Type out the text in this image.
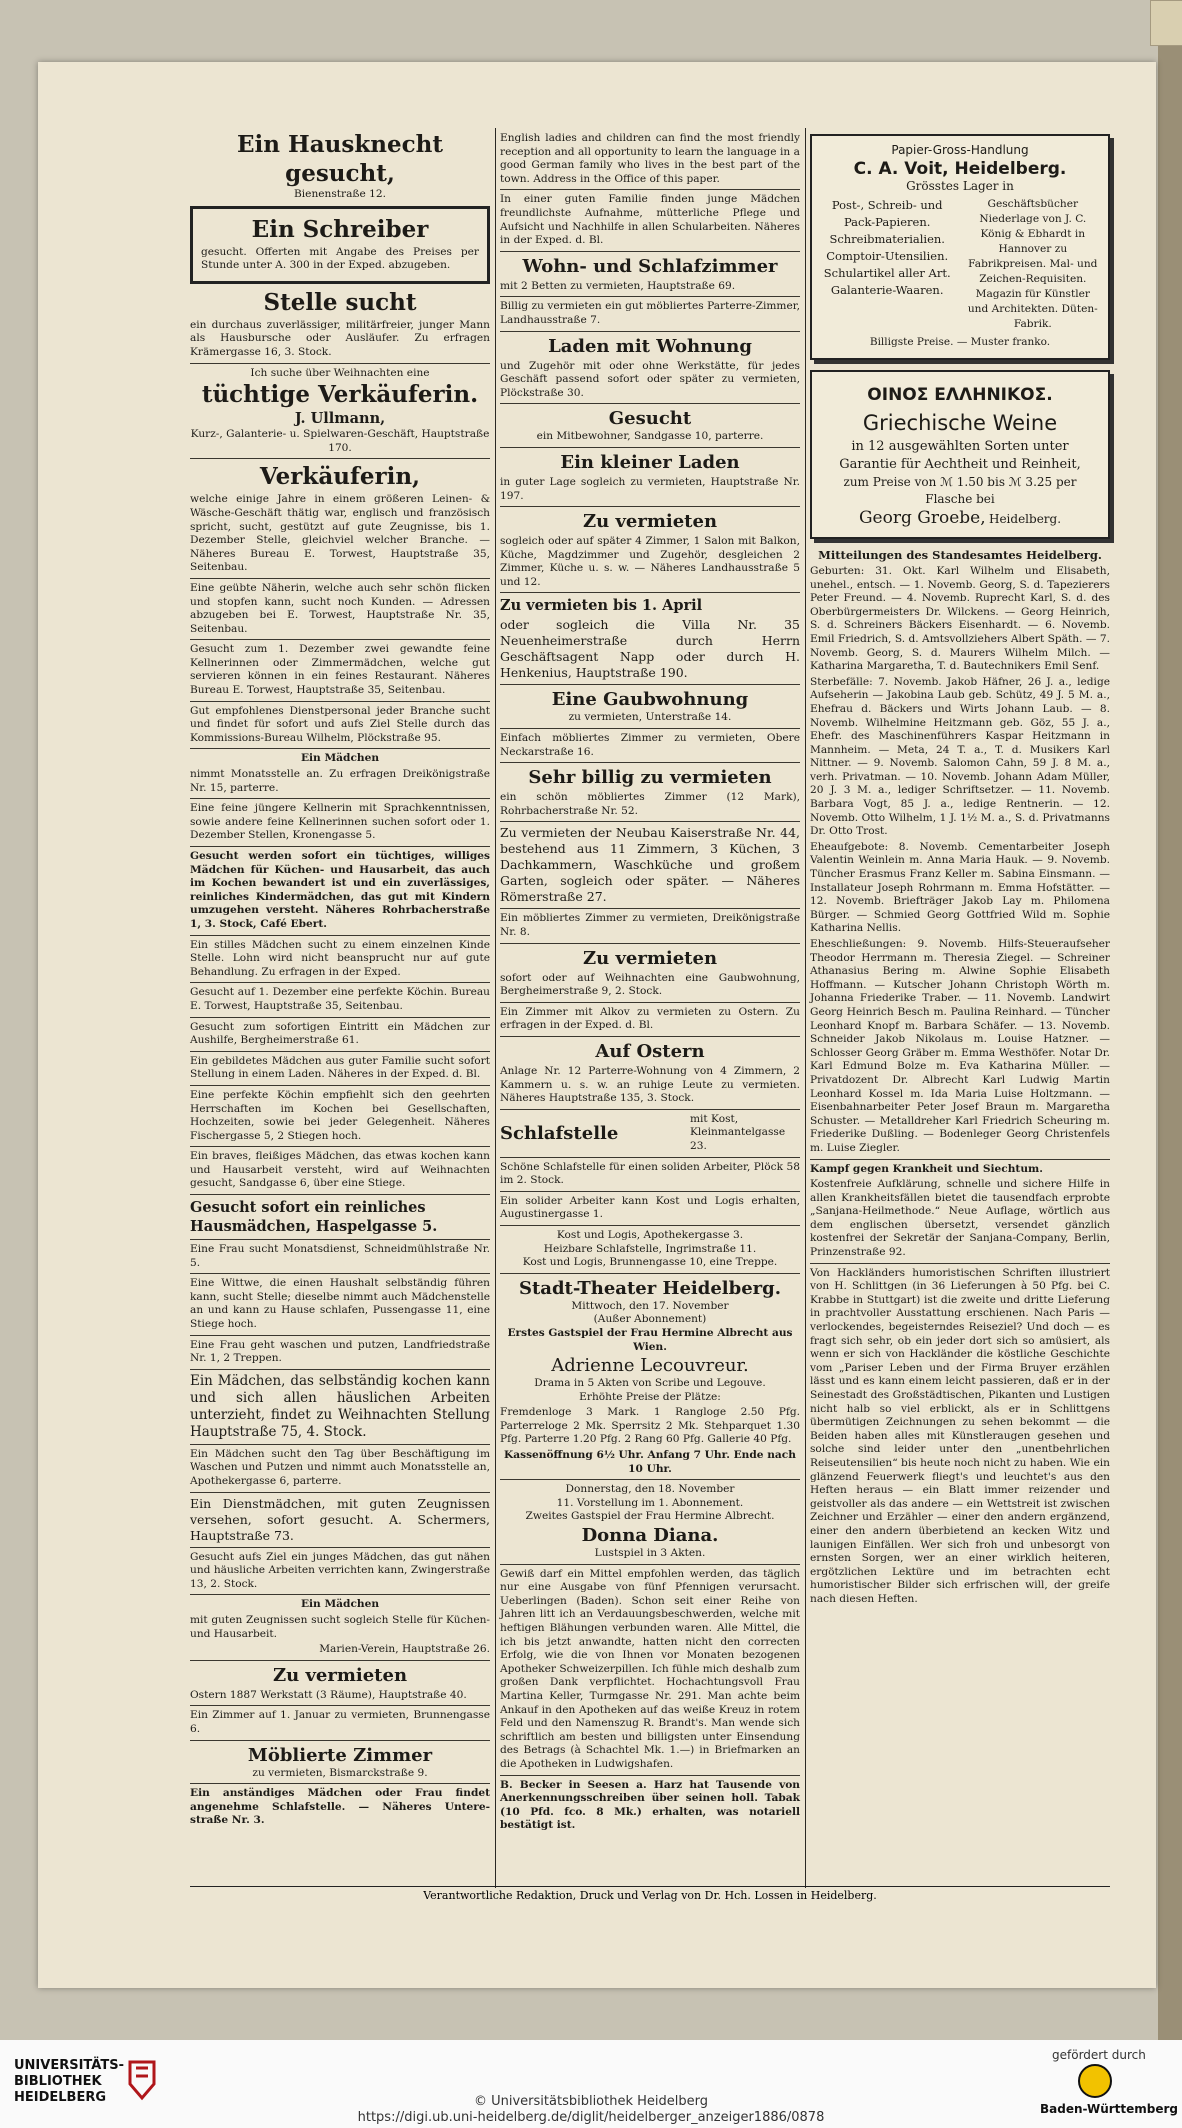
Ein Hausknecht gesucht,
Bienenstraße 12.
Ein Schreiber

gesucht. Offerten mit Angabe des Preises per Stunde unter A. 300 in der Exped. abzugeben.

Stelle sucht

ein durchaus zuverlässiger, militärfreier, junger Mann als Hausbursche oder Ausläufer. Zu erfragen Krämergasse 16, 3. Stock.

Ich suche über Weihnachten eine
tüchtige Verkäuferin.
J. Ullmann,
Kurz-, Galanterie- u. Spielwaren-Geschäft, Hauptstraße 170.
Verkäuferin,

welche einige Jahre in einem größeren Leinen- & Wäsche-Geschäft thätig war, englisch und französisch spricht, sucht, gestützt auf gute Zeugnisse, bis 1. Dezember Stelle, gleichviel welcher Branche. — Näheres Bureau E. Torwest, Hauptstraße 35, Seitenbau.

Eine geübte Näherin, welche auch sehr schön flicken und stopfen kann, sucht noch Kunden. — Adressen abzugeben bei E. Torwest, Hauptstraße Nr. 35, Seitenbau.

Gesucht zum 1. Dezember zwei gewandte feine Kellnerinnen oder Zimmermädchen, welche gut servieren können in ein feines Restaurant. Näheres Bureau E. Torwest, Hauptstraße 35, Seitenbau.

Gut empfohlenes Dienstpersonal jeder Branche sucht und findet für sofort und aufs Ziel Stelle durch das Kommissions-Bureau Wilhelm, Plöckstraße 95.

Ein Mädchen

nimmt Monatsstelle an. Zu erfragen Dreikönigstraße Nr. 15, parterre.

Eine feine jüngere Kellnerin mit Sprachkenntnissen, sowie andere feine Kellnerinnen suchen sofort oder 1. Dezember Stellen, Kronengasse 5.

Gesucht werden sofort ein tüchtiges, williges Mädchen für Küchen- und Hausarbeit, das auch im Kochen bewandert ist und ein zuverlässiges, reinliches Kindermädchen, das gut mit Kindern umzugehen versteht. Näheres Rohrbacherstraße 1, 3. Stock, Café Ebert.

Ein stilles Mädchen sucht zu einem einzelnen Kinde Stelle. Lohn wird nicht beansprucht nur auf gute Behandlung. Zu erfragen in der Exped.

Gesucht auf 1. Dezember eine perfekte Köchin. Bureau E. Torwest, Hauptstraße 35, Seitenbau.

Gesucht zum sofortigen Eintritt ein Mädchen zur Aushilfe, Bergheimerstraße 61.

Ein gebildetes Mädchen aus guter Familie sucht sofort Stellung in einem Laden. Näheres in der Exped. d. Bl.

Eine perfekte Köchin empfiehlt sich den geehrten Herrschaften im Kochen bei Gesellschaften, Hochzeiten, sowie bei jeder Gelegenheit. Näheres Fischergasse 5, 2 Stiegen hoch.

Ein braves, fleißiges Mädchen, das etwas kochen kann und Hausarbeit versteht, wird auf Weihnachten gesucht, Sandgasse 6, über eine Stiege.

Gesucht sofort ein reinliches Hausmädchen, Haspelgasse 5.

Eine Frau sucht Monatsdienst, Schneidmühlstraße Nr. 5.

Eine Wittwe, die einen Haushalt selbständig führen kann, sucht Stelle; dieselbe nimmt auch Mädchenstelle an und kann zu Hause schlafen, Pussengasse 11, eine Stiege hoch.

Eine Frau geht waschen und putzen, Landfriedstraße Nr. 1, 2 Treppen.

Ein Mädchen, das selbständig kochen kann und sich allen häuslichen Arbeiten unterzieht, findet zu Weihnachten Stellung Hauptstraße 75, 4. Stock.

Ein Mädchen sucht den Tag über Beschäftigung im Waschen und Putzen und nimmt auch Monatsstelle an, Apothekergasse 6, parterre.

Ein Dienstmädchen, mit guten Zeugnissen versehen, sofort gesucht. A. Schermers, Hauptstraße 73.

Gesucht aufs Ziel ein junges Mädchen, das gut nähen und häusliche Arbeiten verrichten kann, Zwingerstraße 13, 2. Stock.

Ein Mädchen

mit guten Zeugnissen sucht sogleich Stelle für Küchen- und Hausarbeit.

Marien-Verein, Hauptstraße 26.
Zu vermieten

Ostern 1887 Werkstatt (3 Räume), Hauptstraße 40.

Ein Zimmer auf 1. Januar zu vermieten, Brunnengasse 6.

Möblierte Zimmer
zu vermieten, Bismarckstraße 9.

Ein anständiges Mädchen oder Frau findet angenehme Schlafstelle. — Näheres Untere-straße Nr. 3.

English ladies and children can find the most friendly reception and all opportunity to learn the language in a good German family who lives in the best part of the town. Address in the Office of this paper.

In einer guten Familie finden junge Mädchen freundlichste Aufnahme, mütterliche Pflege und Aufsicht und Nachhilfe in allen Schularbeiten. Näheres in der Exped. d. Bl.

Wohn- und Schlafzimmer

mit 2 Betten zu vermieten, Hauptstraße 69.

Billig zu vermieten ein gut möbliertes Parterre-Zimmer, Landhausstraße 7.

Laden mit Wohnung

und Zugehör mit oder ohne Werkstätte, für jedes Geschäft passend sofort oder später zu vermieten, Plöckstraße 30.

Gesucht
ein Mitbewohner, Sandgasse 10, parterre.
Ein kleiner Laden

in guter Lage sogleich zu vermieten, Hauptstraße Nr. 197.

Zu vermieten

sogleich oder auf später 4 Zimmer, 1 Salon mit Balkon, Küche, Magdzimmer und Zugehör, desgleichen 2 Zimmer, Küche u. s. w. — Näheres Landhausstraße 5 und 12.

Zu vermieten bis 1. April

oder sogleich die Villa Nr. 35 Neuenheimerstraße durch Herrn Geschäftsagent Napp oder durch H. Henkenius, Hauptstraße 190.

Eine Gaubwohnung
zu vermieten, Unterstraße 14.

Einfach möbliertes Zimmer zu vermieten, Obere Neckarstraße 16.

Sehr billig zu vermieten

ein schön möbliertes Zimmer (12 Mark), Rohrbacherstraße Nr. 52.

Zu vermieten der Neubau Kaiserstraße Nr. 44, bestehend aus 11 Zimmern, 3 Küchen, 3 Dachkammern, Waschküche und großem Garten, sogleich oder später. — Näheres Römerstraße 27.

Ein möbliertes Zimmer zu vermieten, Dreikönigstraße Nr. 8.

Zu vermieten

sofort oder auf Weihnachten eine Gaubwohnung, Bergheimerstraße 9, 2. Stock.

Ein Zimmer mit Alkov zu vermieten zu Ostern. Zu erfragen in der Exped. d. Bl.

Auf Ostern

Anlage Nr. 12 Parterre-Wohnung von 4 Zimmern, 2 Kammern u. s. w. an ruhige Leute zu vermieten. Näheres Hauptstraße 135, 3. Stock.

Schlafstelle
mit Kost, Kleinmantelgasse 23.

Schöne Schlafstelle für einen soliden Arbeiter, Plöck 58 im 2. Stock.

Ein solider Arbeiter kann Kost und Logis erhalten, Augustinergasse 1.

Kost und Logis, Apothekergasse 3.
Heizbare Schlafstelle, Ingrimstraße 11.
Kost und Logis, Brunnengasse 10, eine Treppe.
Stadt-Theater Heidelberg.
Mittwoch, den 17. November
(Außer Abonnement)
Erstes Gastspiel der Frau Hermine Albrecht aus Wien.
Adrienne Lecouvreur.
Drama in 5 Akten von Scribe und Legouve.
Erhöhte Preise der Plätze:

Fremdenloge 3 Mark. 1 Ranglogе 2.50 Pfg. Parterreloge 2 Mk. Sperrsitz 2 Mk. Stehparquet 1.30 Pfg. Parterre 1.20 Pfg. 2 Rang 60 Pfg. Gallerie 40 Pfg.

Kassenöffnung 6½ Uhr. Anfang 7 Uhr. Ende nach 10 Uhr.
Donnerstag, den 18. November
11. Vorstellung im 1. Abonnement.
Zweites Gastspiel der Frau Hermine Albrecht.
Donna Diana.
Lustspiel in 3 Akten.

Gewiß darf ein Mittel empfohlen werden, das täglich nur eine Ausgabe von fünf Pfennigen verursacht. Ueberlingen (Baden). Schon seit einer Reihe von Jahren litt ich an Verdauungsbeschwerden, welche mit heftigen Blähungen verbunden waren. Alle Mittel, die ich bis jetzt anwandte, hatten nicht den correcten Erfolg, wie die von Ihnen vor Monaten bezogenen Apotheker Schweizerpillen. Ich fühle mich deshalb zum großen Dank verpflichtet. Hochachtungsvoll Frau Martina Keller, Turmgasse Nr. 291. Man achte beim Ankauf in den Apotheken auf das weiße Kreuz in rotem Feld und den Namenszug R. Brandt's. Man wende sich schriftlich am besten und billigsten unter Einsendung des Betrags (à Schachtel Mk. 1.—) in Briefmarken an die Apotheken in Ludwigshafen.

B. Becker in Seesen a. Harz hat Tausende von Anerkennungsschreiben über seinen holl. Tabak (10 Pfd. fco. 8 Mk.) erhalten, was notariell bestätigt ist.

Papier-Gross-Handlung
C. A. Voit, Heidelberg.
Grösstes Lager in
Post-, Schreib- und Pack-Papieren. Schreibmaterialien. Comptoir-Utensilien. Schulartikel aller Art. Galanterie-Waaren.
Geschäftsbücher Niederlage von J. C. König & Ebhardt in Hannover zu Fabrikpreisen. Mal- und Zeichen-Requisiten. Magazin für Künstler und Architekten. Düten-Fabrik.
Billigste Preise. — Muster franko.
ΟΙΝΟΣ ΕΛΛΗΝΙΚΟΣ.
Griechische Weine
in 12 ausgewählten Sorten unter Garantie für Aechtheit und Reinheit,
zum Preise von ℳ 1.50 bis ℳ 3.25 per Flasche bei
Georg Groebe, Heidelberg.
Mitteilungen des Standesamtes Heidelberg.

Geburten: 31. Okt. Karl Wilhelm und Elisabeth, unehel., entsch. — 1. Novemb. Georg, S. d. Tapezierers Peter Freund. — 4. Novemb. Ruprecht Karl, S. d. des Oberbürgermeisters Dr. Wilckens. — Georg Heinrich, S. d. Schreiners Bäckers Eisenhardt. — 6. Novemb. Emil Friedrich, S. d. Amtsvollziehers Albert Späth. — 7. Novemb. Georg, S. d. Maurers Wilhelm Milch. — Katharina Margaretha, T. d. Bautechnikers Emil Senf.

Sterbefälle: 7. Novemb. Jakob Häfner, 26 J. a., ledige Aufseherin — Jakobina Laub geb. Schütz, 49 J. 5 M. a., Ehefrau d. Bäckers und Wirts Johann Laub. — 8. Novemb. Wilhelmine Heitzmann geb. Göz, 55 J. a., Ehefr. des Maschinenführers Kaspar Heitzmann in Mannheim. — Meta, 24 T. a., T. d. Musikers Karl Nittner. — 9. Novemb. Salomon Cahn, 59 J. 8 M. a., verh. Privatman. — 10. Novemb. Johann Adam Müller, 20 J. 3 M. a., lediger Schriftsetzer. — 11. Novemb. Barbara Vogt, 85 J. a., ledige Rentnerin. — 12. Novemb. Otto Wilhelm, 1 J. 1½ M. a., S. d. Privatmanns Dr. Otto Trost.

Eheaufgebote: 8. Novemb. Cementarbeiter Joseph Valentin Weinlein m. Anna Maria Hauk. — 9. Novemb. Tüncher Erasmus Franz Keller m. Sabina Einsmann. — Installateur Joseph Rohrmann m. Emma Hofstätter. — 12. Novemb. Briefträger Jakob Lay m. Philomena Bürger. — Schmied Georg Gottfried Wild m. Sophie Katharina Nellis.

Eheschließungen: 9. Novemb. Hilfs-Steueraufseher Theodor Herrmann m. Theresia Ziegel. — Schreiner Athanasius Bering m. Alwine Sophie Elisabeth Hoffmann. — Kutscher Johann Christoph Wörth m. Johanna Friederike Traber. — 11. Novemb. Landwirt Georg Heinrich Besch m. Paulina Reinhard. — Tüncher Leonhard Knopf m. Barbara Schäfer. — 13. Novemb. Schneider Jakob Nikolaus m. Louise Hatzner. — Schlosser Georg Gräber m. Emma Westhöfer. Notar Dr. Karl Edmund Bolze m. Eva Katharina Müller. — Privatdozent Dr. Albrecht Karl Ludwig Martin Leonhard Kossel m. Ida Maria Luise Holtzmann. — Eisenbahnarbeiter Peter Josef Braun m. Margaretha Schuster. — Metalldreher Karl Friedrich Scheuring m. Friederike Dußling. — Bodenleger Georg Christenfels m. Luise Ziegler.

Kampf gegen Krankheit und Siechtum.

Kostenfreie Aufklärung, schnelle und sichere Hilfe in allen Krankheitsfällen bietet die tausendfach erprobte „Sanjana-Heilmethode.“ Neue Auflage, wörtlich aus dem englischen übersetzt, versendet gänzlich kostenfrei der Sekretär der Sanjana-Company, Berlin, Prinzenstraße 92.

Von Hackländers humoristischen Schriften illustriert von H. Schlittgen (in 36 Lieferungen à 50 Pfg. bei C. Krabbe in Stuttgart) ist die zweite und dritte Lieferung in prachtvoller Ausstattung erschienen. Nach Paris — verlockendes, begeisterndes Reiseziel? Und doch — es fragt sich sehr, ob ein jeder dort sich so amüsiert, als wenn er sich von Hackländer die köstliche Geschichte vom „Pariser Leben und der Firma Bruyer erzählen lässt und es kann einem leicht passieren, daß er in der Seinestadt des Großstädtischen, Pikanten und Lustigen nicht halb so viel erblickt, als er in Schlittgens übermütigen Zeichnungen zu sehen bekommt — die Beiden haben alles mit Künstleraugen gesehen und solche sind leider unter den „unentbehrlichen Reiseutensilien“ bis heute noch nicht zu haben. Wie ein glänzend Feuerwerk fliegt's und leuchtet's aus den Heften heraus — ein Blatt immer reizender und geistvoller als das andere — ein Wettstreit ist zwischen Zeichner und Erzähler — einer den andern ergänzend, einer den andern überbietend an kecken Witz und launigen Einfällen. Wer sich froh und unbesorgt von ernsten Sorgen, wer an einer wirklich heiteren, ergötzlichen Lektüre und im betrachten echt humoristischer Bilder sich erfrischen will, der greife nach diesen Heften.

Verantwortliche Redaktion, Druck und Verlag von Dr. Hch. Lossen in Heidelberg.
UNIVERSITÄTS-
BIBLIOTHEK
HEIDELBERG	© Universitätsbibliothek Heidelberg
https://digi.ub.uni-heidelberg.de/diglit/heidelberger_anzeiger1886/0878
gefördert durch
Baden-Württemberg
